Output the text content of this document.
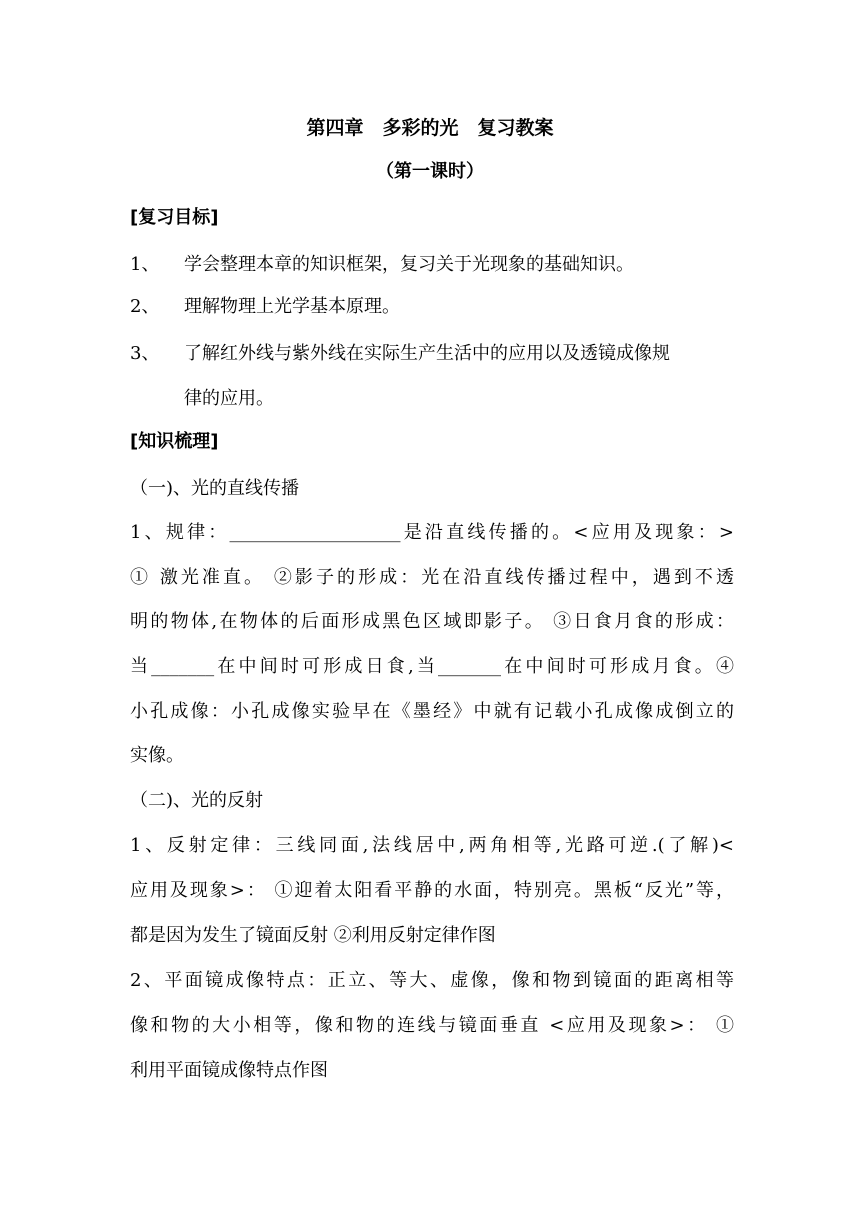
第四章　多彩的光　复习教案
（第一课时）
[复习目标]
1、 学会整理本章的知识框架，复习关于光现象的基础知识。
2、 理解物理上光学基本原理。
3、 了解红外线与紫外线在实际生产生活中的应用以及透镜成像规
律的应用。
[知识梳理]
（一)、光的直线传播
1、规律：___________________是沿直线传播的。<应用及现象：>
① 激光准直。 ②影子的形成：光在沿直线传播过程中，遇到不透
明的物体,在物体的后面形成黑色区域即影子。 ③日食月食的形成：
当_______在中间时可形成日食,当_______在中间时可形成月食。④
小孔成像：小孔成像实验早在《墨经》中就有记载小孔成像成倒立的
实像。
（二)、光的反射
1、反射定律：三线同面,法线居中,两角相等,光路可逆.(了解)<
应用及现象>： ①迎着太阳看平静的水面，特别亮。黑板“反光”等，
都是因为发生了镜面反射 ②利用反射定律作图
2、平面镜成像特点：正立、等大、虚像，像和物到镜面的距离相等
像和物的大小相等，像和物的连线与镜面垂直 <应用及现象>： ①
利用平面镜成像特点作图
